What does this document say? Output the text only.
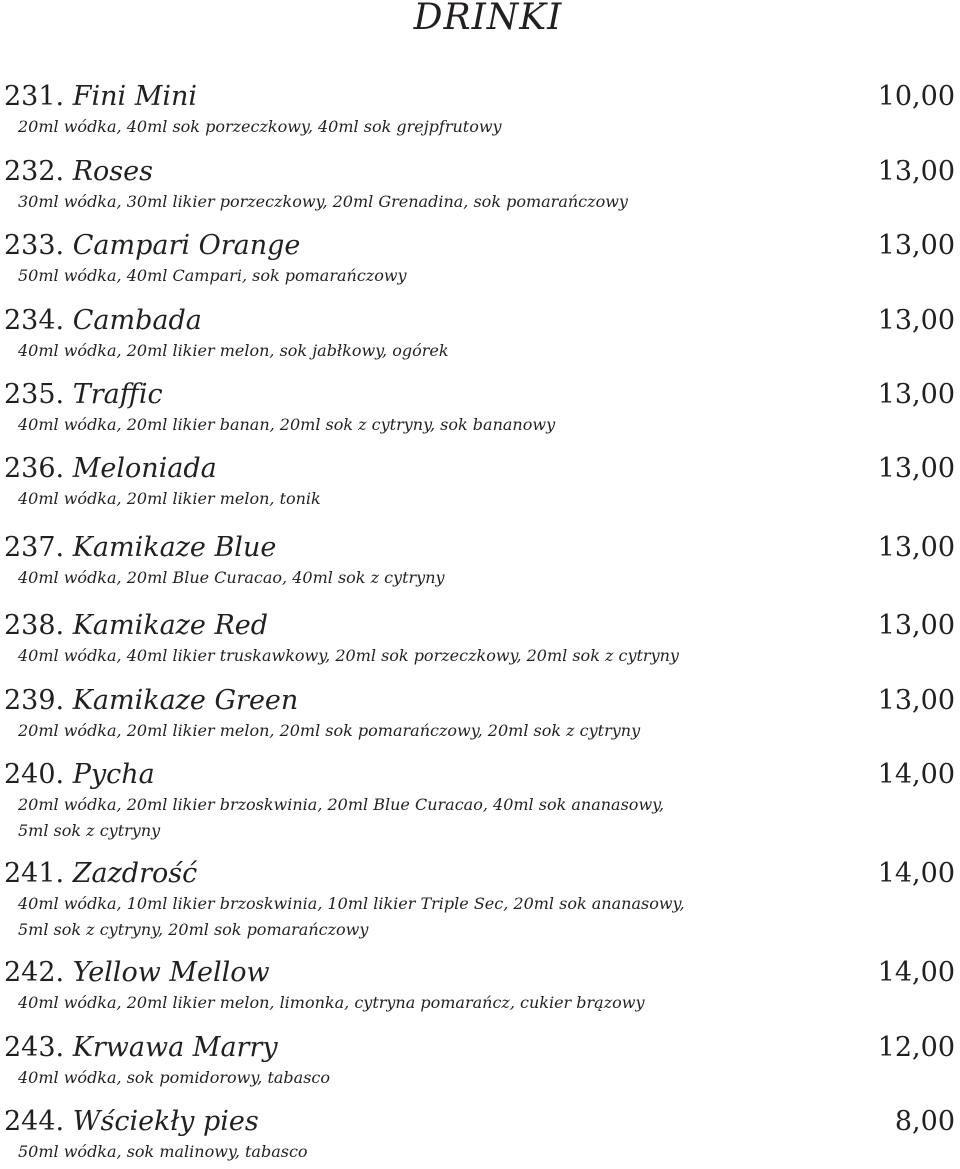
DRINKI
231. Fini Mini	10,00
20ml wódka, 40ml sok porzeczkowy, 40ml sok grejpfrutowy
232. Roses	13,00
30ml wódka, 30ml likier porzeczkowy, 20ml Grenadina, sok pomarańczowy
233. Campari Orange	13,00
50ml wódka, 40ml Campari, sok pomarańczowy
234. Cambada	13,00
40ml wódka, 20ml likier melon, sok jabłkowy, ogórek
235. Traffic	13,00
40ml wódka, 20ml likier banan, 20ml sok z cytryny, sok bananowy
236. Meloniada	13,00
40ml wódka, 20ml likier melon, tonik
237. Kamikaze Blue	13,00
40ml wódka, 20ml Blue Curacao, 40ml sok z cytryny
238. Kamikaze Red	13,00
40ml wódka, 40ml likier truskawkowy, 20ml sok porzeczkowy, 20ml sok z cytryny
239. Kamikaze Green	13,00
20ml wódka, 20ml likier melon, 20ml sok pomarańczowy, 20ml sok z cytryny
240. Pycha	14,00
20ml wódka, 20ml likier brzoskwinia, 20ml Blue Curacao, 40ml sok ananasowy,
5ml sok z cytryny
241. Zazdrość	14,00
40ml wódka, 10ml likier brzoskwinia, 10ml likier Triple Sec, 20ml sok ananasowy,
5ml sok z cytryny, 20ml sok pomarańczowy
242. Yellow Mellow	14,00
40ml wódka, 20ml likier melon, limonka, cytryna pomarańcz, cukier brązowy
243. Krwawa Marry	12,00
40ml wódka, sok pomidorowy, tabasco
244. Wściekły pies	8,00
50ml wódka, sok malinowy, tabasco
